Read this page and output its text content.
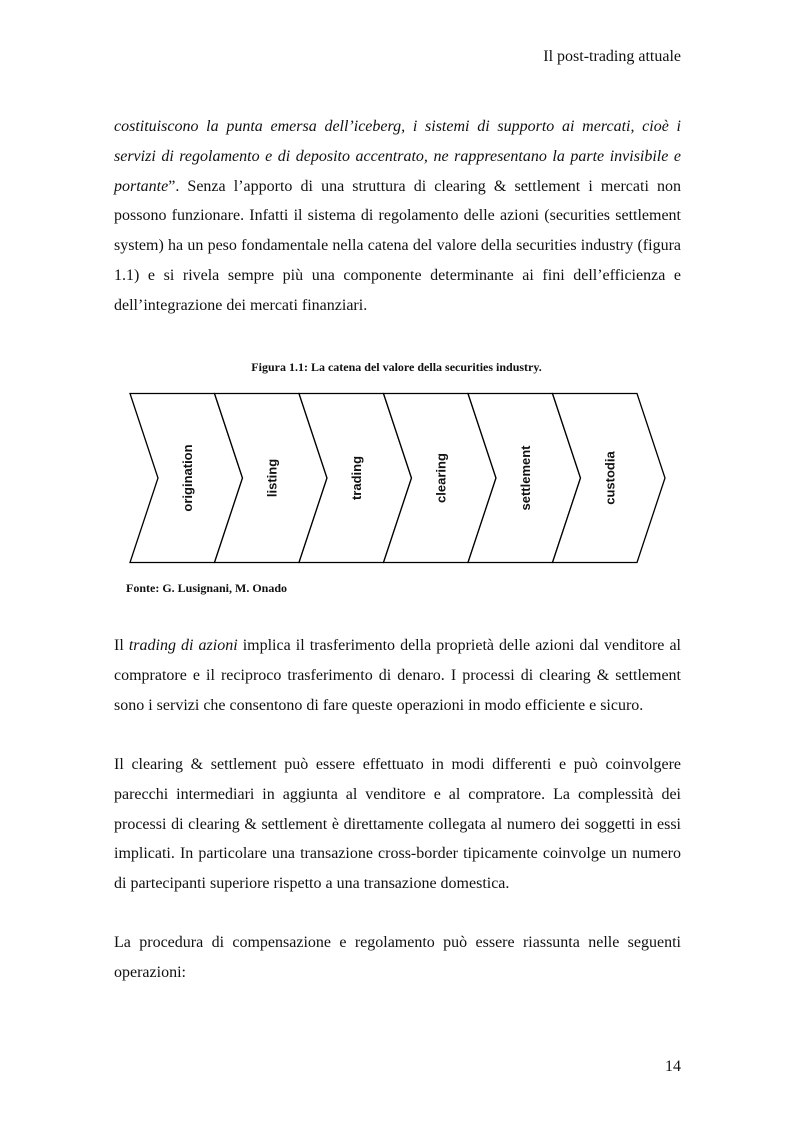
Il post-trading attuale

costituiscono la punta emersa dell’iceberg, i sistemi di supporto ai mercati, cioè i servizi di regolamento e di deposito accentrato, ne rappresentano la parte invisibile e portante”. Senza l’apporto di una struttura di clearing & settlement i mercati non possono funzionare. Infatti il sistema di regolamento delle azioni (securities settlement system) ha un peso fondamentale nella catena del valore della securities industry (figura 1.1) e si rivela sempre più una componente determinante ai fini dell’efficienza e dell’integrazione dei mercati finanziari.

Figura 1.1: La catena del valore della securities industry.
origination	listing	trading	clearing	settlement	custodia
Fonte: G. Lusignani, M. Onado

Il trading di azioni implica il trasferimento della proprietà delle azioni dal venditore al compratore e il reciproco trasferimento di denaro. I processi di clearing & settlement sono i servizi che consentono di fare queste operazioni in modo efficiente e sicuro.

Il clearing & settlement può essere effettuato in modi differenti e può coinvolgere parecchi intermediari in aggiunta al venditore e al compratore. La complessità dei processi di clearing & settlement è direttamente collegata al numero dei soggetti in essi implicati. In particolare una transazione cross-border tipicamente coinvolge un numero di partecipanti superiore rispetto a una transazione domestica.

La procedura di compensazione e regolamento può essere riassunta nelle seguenti operazioni:

14
